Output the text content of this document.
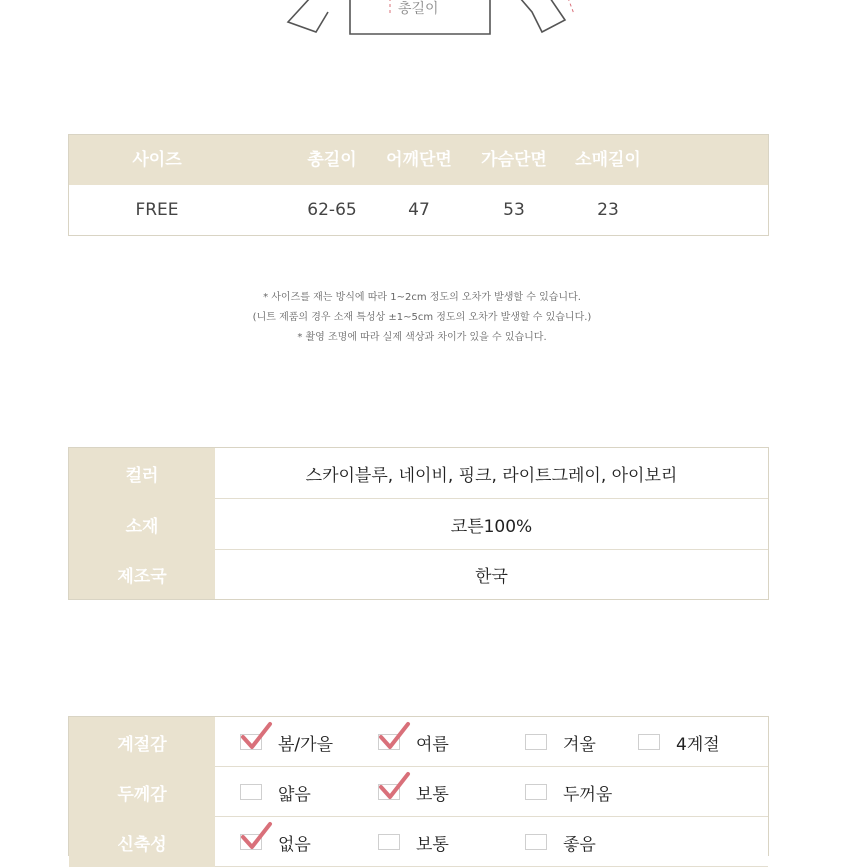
총길이
사이즈	총길이	어깨단면	가슴단면	소매길이
FREE	62-65	47	53	23
* 사이즈를 재는 방식에 따라 1~2cm 정도의 오차가 발생할 수 있습니다.
(니트 제품의 경우 소재 특성상 ±1~5cm 정도의 오차가 발생할 수 있습니다.)
* 촬영 조명에 따라 실제 색상과 차이가 있을 수 있습니다.
컬러	스카이블루, 네이비, 핑크, 라이트그레이, 아이보리
소재	코튼100%
제조국	한국
계절감	봄/가을	여름	겨울	4계절
두께감	얇음	보통	두꺼움
신축성	없음	보통	좋음
